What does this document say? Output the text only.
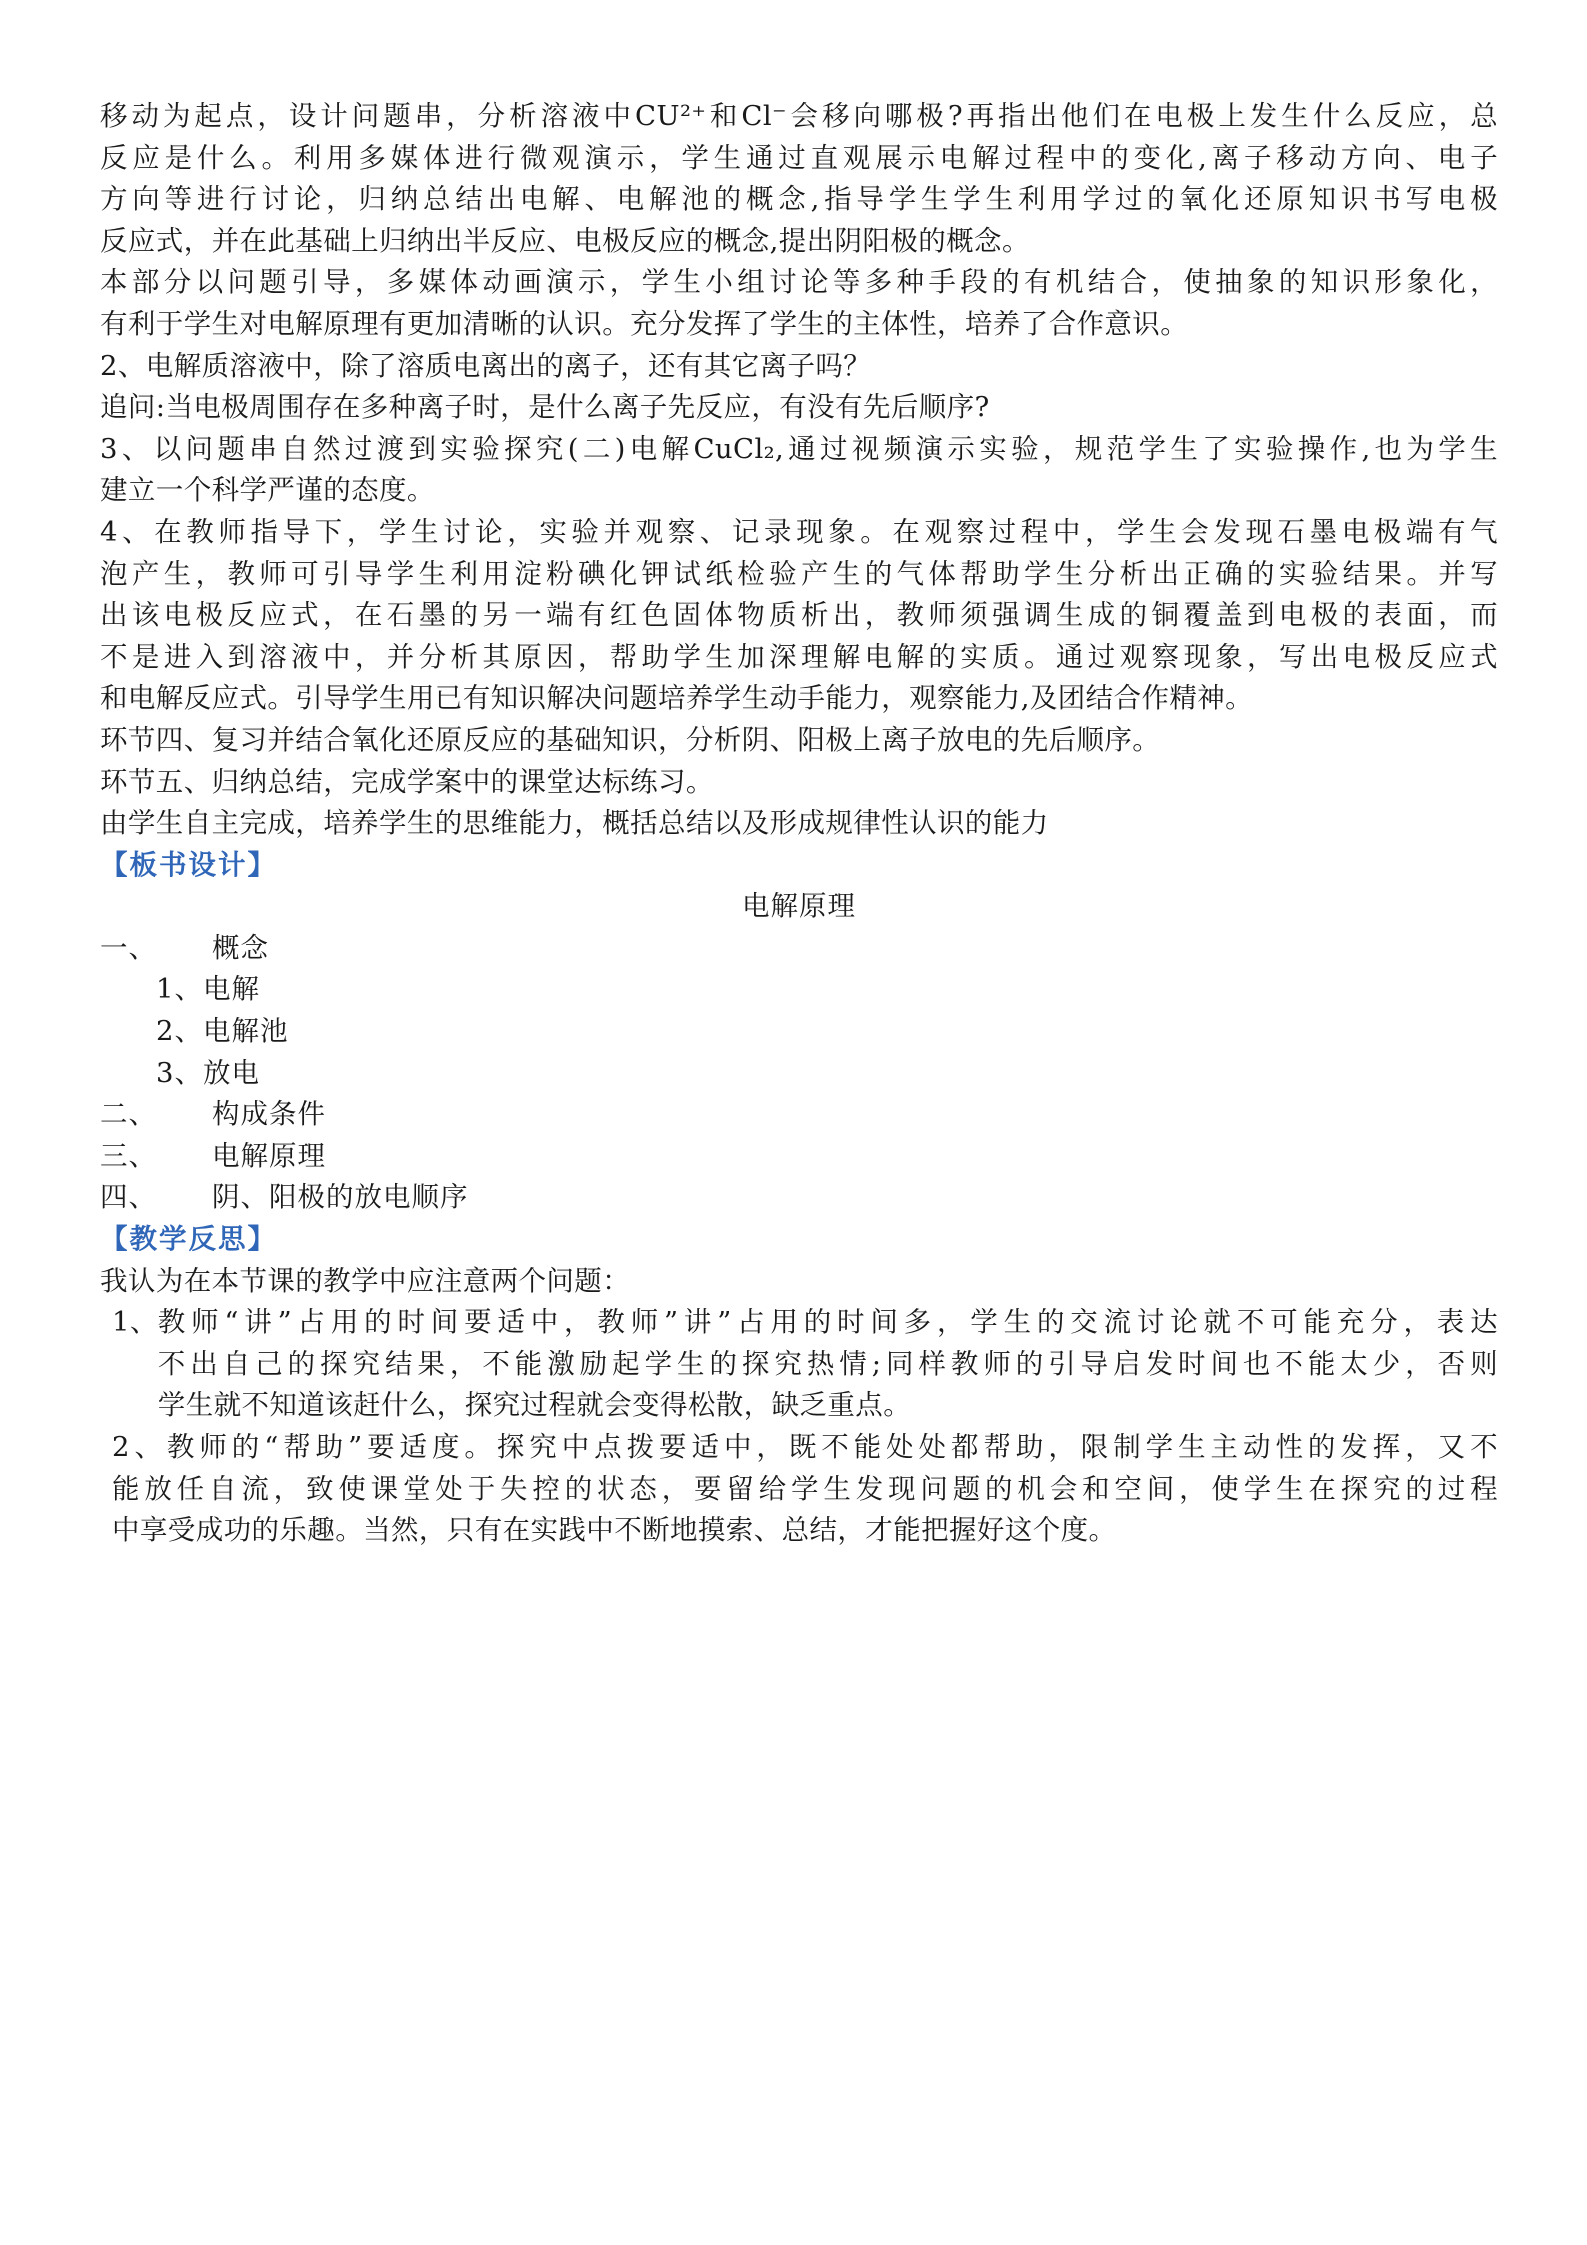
移动为起点，设计问题串，分析溶液中CU²⁺和Cl⁻会移向哪极?再指出他们在电极上发生什么反应，总

反应是什么。利用多媒体进行微观演示，学生通过直观展示电解过程中的变化,离子移动方向、电子

方向等进行讨论，归纳总结出电解、电解池的概念,指导学生学生利用学过的氧化还原知识书写电极

反应式，并在此基础上归纳出半反应、电极反应的概念,提出阴阳极的概念。

本部分以问题引导，多媒体动画演示，学生小组讨论等多种手段的有机结合，使抽象的知识形象化，

有利于学生对电解原理有更加清晰的认识。充分发挥了学生的主体性，培养了合作意识。

2、电解质溶液中，除了溶质电离出的离子，还有其它离子吗？

追问:当电极周围存在多种离子时，是什么离子先反应，有没有先后顺序?

3、以问题串自然过渡到实验探究(二)电解CuCl₂,通过视频演示实验，规范学生了实验操作,也为学生

建立一个科学严谨的态度。

4、在教师指导下，学生讨论，实验并观察、记录现象。在观察过程中，学生会发现石墨电极端有气

泡产生，教师可引导学生利用淀粉碘化钾试纸检验产生的气体帮助学生分析出正确的实验结果。并写

出该电极反应式，在石墨的另一端有红色固体物质析出，教师须强调生成的铜覆盖到电极的表面，而

不是进入到溶液中，并分析其原因，帮助学生加深理解电解的实质。通过观察现象，写出电极反应式

和电解反应式。引导学生用已有知识解决问题培养学生动手能力，观察能力,及团结合作精神。

环节四、复习并结合氧化还原反应的基础知识，分析阴、阳极上离子放电的先后顺序。

环节五、归纳总结，完成学案中的课堂达标练习。

由学生自主完成，培养学生的思维能力，概括总结以及形成规律性认识的能力

【板书设计】

电解原理

一、	概念

1、电解

2、电解池

3、放电

二、	构成条件

三、	电解原理

四、	阴、阳极的放电顺序

【教学反思】

我认为在本节课的教学中应注意两个问题：

1、 教师“讲”占用的时间要适中，教师”讲”占用的时间多，学生的交流讨论就不可能充分，表达
不出自己的探究结果，不能激励起学生的探究热情;同样教师的引导启发时间也不能太少，否则
学生就不知道该赶什么，探究过程就会变得松散，缺乏重点。

2、教师的“帮助”要适度。探究中点拨要适中，既不能处处都帮助，限制学生主动性的发挥，又不

能放任自流，致使课堂处于失控的状态，要留给学生发现问题的机会和空间，使学生在探究的过程

中享受成功的乐趣。当然，只有在实践中不断地摸索、总结，才能把握好这个度。
